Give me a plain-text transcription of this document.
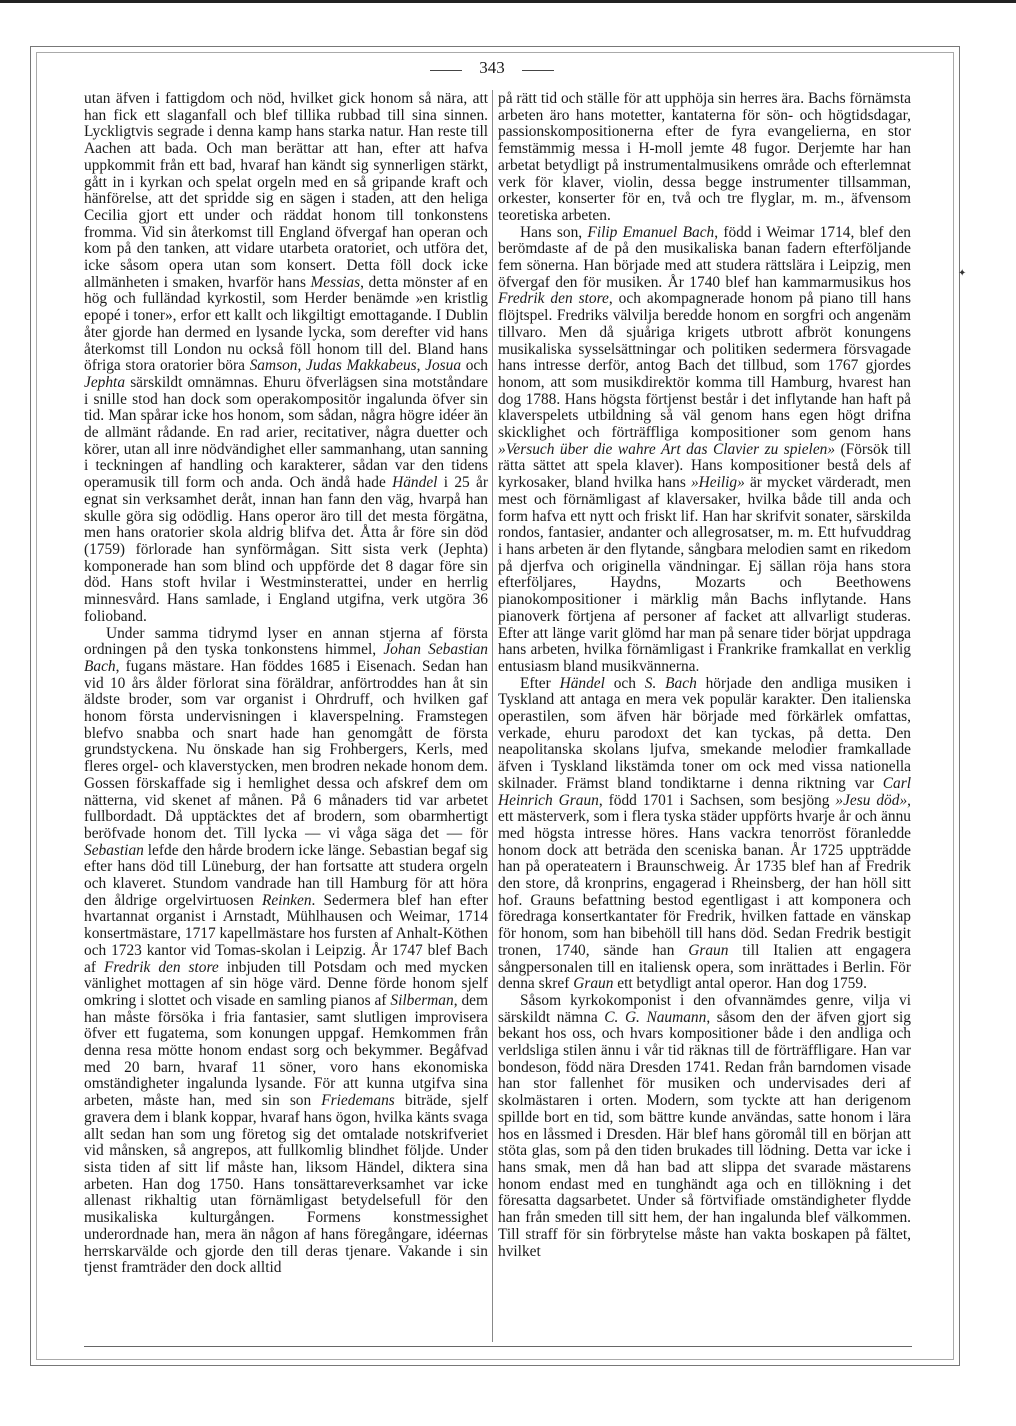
✦
343

utan äfven i fattigdom och nöd, hvilket gick honom så nära, att han fick ett slaganfall och blef tillika rubbad till sina sinnen. Lyckligtvis segrade i denna kamp hans starka natur. Han reste till Aachen att bada. Och man berättar att han, efter att hafva uppkommit från ett bad, hvaraf han kändt sig synnerligen stärkt, gått in i kyrkan och spelat orgeln med en så gripande kraft och hänförelse, att det spridde sig en sägen i staden, att den heliga Cecilia gjort ett under och räddat honom till tonkonstens fromma. Vid sin återkomst till England öfvergaf han operan och kom på den tanken, att vidare utarbeta oratoriet, och utföra det, icke såsom opera utan som konsert. Detta föll dock icke allmänheten i smaken, hvarför hans Messias, detta mönster af en hög och fulländad kyrkostil, som Herder benämde »en kristlig epopé i toner», erfor ett kallt och likgiltigt emottagande. I Dublin åter gjorde han dermed en lysande lycka, som derefter vid hans återkomst till London nu också föll honom till del. Bland hans öfriga stora oratorier böra Samson, Judas Makkabeus, Josua och Jephta särskildt omnämnas. Ehuru öfverlägsen sina motståndare i snille stod han dock som operakompositör ingalunda öfver sin tid. Man spårar icke hos honom, som sådan, några högre idéer än de allmänt rådande. En rad arier, recitativer, några duetter och körer, utan all inre nödvändighet eller sammanhang, utan sanning i teckningen af handling och karakterer, sådan var den tidens operamusik till form och anda. Och ändå hade Händel i 25 år egnat sin verksamhet deråt, innan han fann den väg, hvarpå han skulle göra sig odödlig. Hans operor äro till det mesta förgätna, men hans oratorier skola aldrig blifva det. Åtta år före sin död (1759) förlorade han synförmågan. Sitt sista verk (Jephta) komponerade han som blind och uppförde det 8 dagar före sin död. Hans stoft hvilar i Westminsterattei, under en herrlig minnesvård. Hans samlade, i England utgifna, verk utgöra 36 folioband.

Under samma tidrymd lyser en annan stjerna af första ordningen på den tyska tonkonstens himmel, Johan Sebastian Bach, fugans mästare. Han föddes 1685 i Eisenach. Sedan han vid 10 års ålder förlorat sina föräldrar, anförtroddes han åt sin äldste broder, som var organist i Ohrdruff, och hvilken gaf honom första undervisningen i klaverspelning. Framstegen blefvo snabba och snart hade han genomgått de första grundstyckena. Nu önskade han sig Frohbergers, Kerls, med fleres orgel- och klaverstycken, men brodren nekade honom dem. Gossen förskaffade sig i hemlighet dessa och afskref dem om nätterna, vid skenet af månen. På 6 månaders tid var arbetet fullbordadt. Då upptäcktes det af brodern, som obarmhertigt beröfvade honom det. Till lycka — vi våga säga det — för Sebastian lefde den hårde brodern icke länge. Sebastian begaf sig efter hans död till Lüneburg, der han fortsatte att studera orgeln och klaveret. Stundom vandrade han till Hamburg för att höra den åldrige orgelvirtuosen Reinken. Sedermera blef han efter hvartannat organist i Arnstadt, Mühlhausen och Weimar, 1714 konsertmästare, 1717 kapellmästare hos fursten af Anhalt-Köthen och 1723 kantor vid Tomas-skolan i Leipzig. År 1747 blef Bach af Fredrik den store inbjuden till Potsdam och med mycken vänlighet mottagen af sin höge värd. Denne förde honom sjelf omkring i slottet och visade en samling pianos af Silberman, dem han måste försöka i fria fantasier, samt slutligen improvisera öfver ett fugatema, som konungen uppgaf. Hemkommen från denna resa mötte honom endast sorg och bekymmer. Begåfvad med 20 barn, hvaraf 11 söner, voro hans ekonomiska omständigheter ingalunda lysande. För att kunna utgifva sina arbeten, måste han, med sin son Friedemans biträde, sjelf gravera dem i blank koppar, hvaraf hans ögon, hvilka känts svaga allt sedan han som ung företog sig det omtalade notskrifveriet vid månsken, så angrepos, att fullkomlig blindhet följde. Under sista tiden af sitt lif måste han, liksom Händel, diktera sina arbeten. Han dog 1750. Hans tonsättareverksamhet var icke allenast rikhaltig utan förnämligast betydelsefull för den musikaliska kulturgången. Formens konstmessighet underordnade han, mera än någon af hans föregångare, idéernas herrskarvälde och gjorde den till deras tjenare. Vakande i sin tjenst framträder den dock alltid

på rätt tid och ställe för att upphöja sin herres ära. Bachs förnämsta arbeten äro hans motetter, kantaterna för sön- och högtidsdagar, passionskompositionerna efter de fyra evangelierna, en stor femstämmig messa i H-moll jemte 48 fugor. Derjemte har han arbetat betydligt på instrumentalmusikens område och efterlemnat verk för klaver, violin, dessa begge instrumenter tillsamman, orkester, konserter för en, två och tre flyglar, m. m., äfvensom teoretiska arbeten.

Hans son, Filip Emanuel Bach, född i Weimar 1714, blef den berömdaste af de på den musikaliska banan fadern efterföljande fem sönerna. Han började med att studera rättslära i Leipzig, men öfvergaf den för musiken. År 1740 blef han kammarmusikus hos Fredrik den store, och akompagnerade honom på piano till hans flöjtspel. Fredriks välvilja beredde honom en sorgfri och angenäm tillvaro. Men då sjuåriga krigets utbrott afbröt konungens musikaliska sysselsättningar och politiken sedermera försvagade hans intresse derför, antog Bach det tillbud, som 1767 gjordes honom, att som musikdirektör komma till Hamburg, hvarest han dog 1788. Hans högsta förtjenst består i det inflytande han haft på klaverspelets utbildning så väl genom hans egen högt drifna skicklighet och förträffliga kompositioner som genom hans »Versuch über die wahre Art das Clavier zu spielen» (Försök till rätta sättet att spela klaver). Hans kompositioner bestå dels af kyrkosaker, bland hvilka hans »Heilig» är mycket värderadt, men mest och förnämligast af klaversaker, hvilka både till anda och form hafva ett nytt och friskt lif. Han har skrifvit sonater, särskilda rondos, fantasier, andanter och allegrosatser, m. m. Ett hufvuddrag i hans arbeten är den flytande, sångbara melodien samt en rikedom på djerfva och originella vändningar. Ej sällan röja hans stora efterföljares, Haydns, Mozarts och Beethowens pianokompositioner i märklig mån Bachs inflytande. Hans pianoverk förtjena af personer af facket att allvarligt studeras. Efter att länge varit glömd har man på senare tider börjat uppdraga hans arbeten, hvilka förnämligast i Frankrike framkallat en verklig entusiasm bland musikvännerna.

Efter Händel och S. Bach hörjade den andliga musiken i Tyskland att antaga en mera vek populär karakter. Den italienska operastilen, som äfven här började med förkärlek omfattas, verkade, ehuru parodoxt det kan tyckas, på detta. Den neapolitanska skolans ljufva, smekande melodier framkallade äfven i Tyskland likstämda toner om ock med vissa nationella skilnader. Främst bland tondiktarne i denna riktning var Carl Heinrich Graun, född 1701 i Sachsen, som besjöng »Jesu död», ett mästerverk, som i flera tyska städer uppförts hvarje år och ännu med högsta intresse höres. Hans vackra tenorröst föranledde honom dock att beträda den sceniska banan. År 1725 uppträdde han på operateatern i Braunschweig. År 1735 blef han af Fredrik den store, då kronprins, engagerad i Rheinsberg, der han höll sitt hof. Grauns befattning bestod egentligast i att komponera och föredraga konsertkantater för Fredrik, hvilken fattade en vänskap för honom, som han bibehöll till hans död. Sedan Fredrik bestigit tronen, 1740, sände han Graun till Italien att engagera sångpersonalen till en italiensk opera, som inrättades i Berlin. För denna skref Graun ett betydligt antal operor. Han dog 1759.

Såsom kyrkokomponist i den ofvannämdes genre, vilja vi särskildt nämna C. G. Naumann, såsom den der äfven gjort sig bekant hos oss, och hvars kompositioner både i den andliga och verldsliga stilen ännu i vår tid räknas till de förträffligare. Han var bondeson, född nära Dresden 1741. Redan från barndomen visade han stor fallenhet för musiken och undervisades deri af skolmästaren i orten. Modern, som tyckte att han derigenom spillde bort en tid, som bättre kunde användas, satte honom i lära hos en låssmed i Dresden. Här blef hans göromål till en början att stöta glas, som på den tiden brukades till lödning. Detta var icke i hans smak, men då han bad att slippa det svarade mästarens honom endast med en tunghändt aga och en tillökning i det föresatta dagsarbetet. Under så förtvifiade omständigheter flydde han från smeden till sitt hem, der han ingalunda blef välkommen. Till straff för sin förbrytelse måste han vakta boskapen på fältet, hvilket
